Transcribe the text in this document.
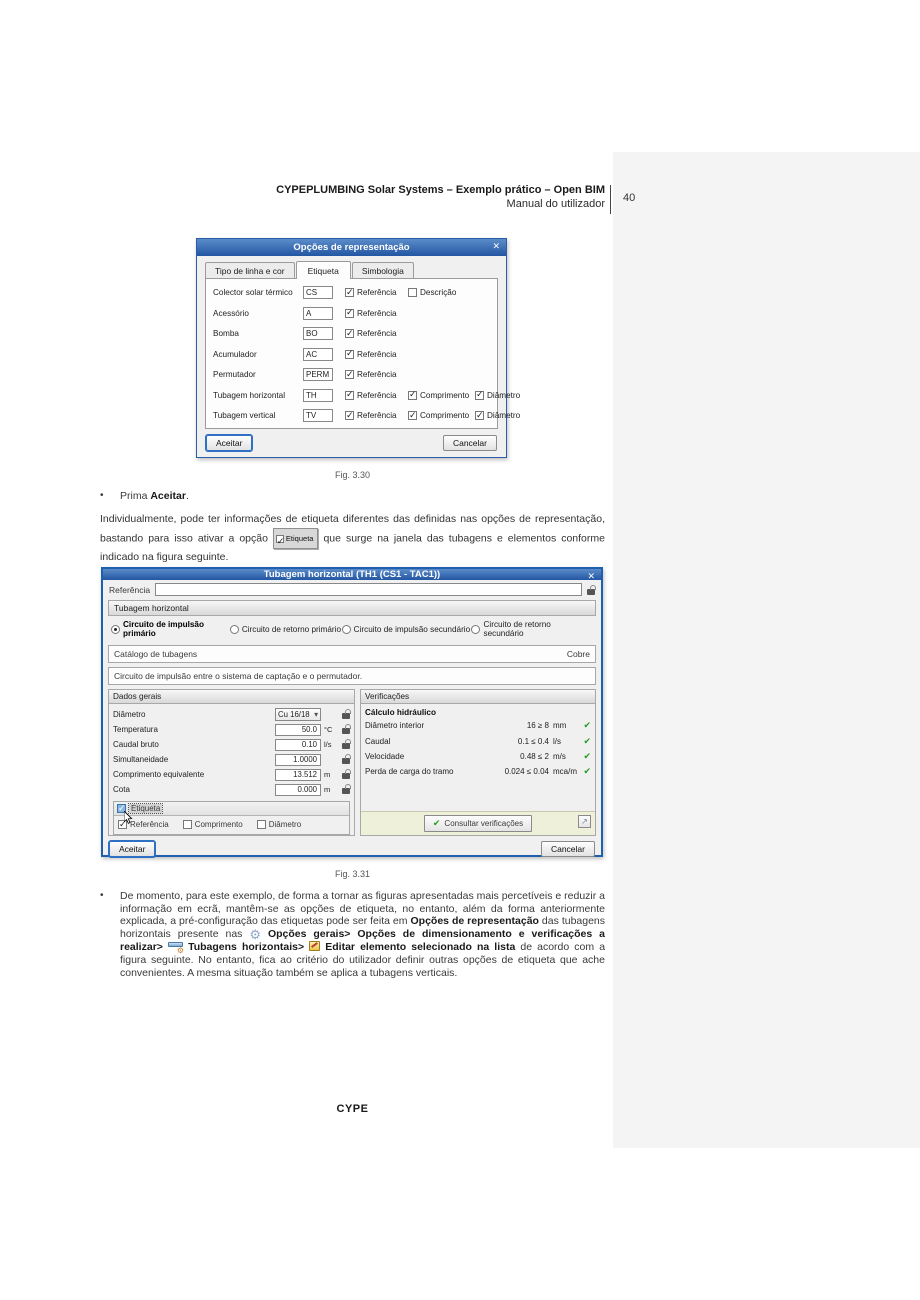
CYPEPLUMBING Solar Systems – Exemplo prático – Open BIM
Manual do utilizador 40
Opções de representação	✕
Tipo de linha e cor	Etiqueta	Simbologia
Colector solar térmico	CS ✓	Referência	Descrição
Acessório	A ✓	Referência
Bomba	BO ✓	Referência
Acumulador	AC ✓	Referência
Permutador	PERM ✓	Referência
Tubagem horizontal	TH ✓	Referência ✓	Comprimento ✓ Diâmetro
Tubagem vertical	TV ✓	Referência ✓	Comprimento ✓ Diâmetro
Aceitar	Cancelar
Fig. 3.30
•	Prima Aceitar.
Individualmente, pode ter informações de etiqueta diferentes das definidas nas opções de representação, bastando para isso ativar a opção ✓ Etiqueta que surge na janela das tubagens e elementos conforme indicado na figura seguinte.
Tubagem horizontal (TH1 (CS1 - TAC1))	✕
Referência
Tubagem horizontal
Circuito de impulsão primário	Circuito de retorno primário Circuito de impulsão secundário Circuito de retorno secundário
Catálogo de tubagens	Cobre
Circuito de impulsão entre o sistema de captação e o permutador.
Dados gerais
Diâmetro	Cu 16/18 ▾
Temperatura	50.0 °C
Caudal bruto	0.10 l/s
Simultaneidade	1.0000
Comprimento equivalente	13.512 m
Cota	0.000 m
✓
Etiqueta
✓
Referência	Comprimento	Diâmetro
Verificações
Cálculo hidráulico
Diâmetro interior	16 ≥ 8 mm	✔
Caudal	0.1 ≤ 0.4 l/s	✔
Velocidade	0.48 ≤ 2 m/s	✔
Perda de carga do tramo	0.024 ≤ 0.04 mca/m ✔
✔ Consultar verificações	↗
Aceitar	Cancelar
Fig. 3.31
•	De momento, para este exemplo, de forma a tornar as figuras apresentadas mais percetíveis e reduzir a informação em ecrã, mantêm-se as opções de etiqueta, no entanto, além da forma anteriormente explicada, a pré-configuração das etiquetas pode ser feita em Opções de representação das tubagens horizontais presente nas ⚙ Opções gerais> Opções de dimensionamento e verificações a realizar> ⚙ Tubagens horizontais> Editar elemento selecionado na lista de acordo com a figura seguinte. No entanto, fica ao critério do utilizador definir outras opções de etiqueta que ache convenientes. A mesma situação também se aplica a tubagens verticais.
CYPE
